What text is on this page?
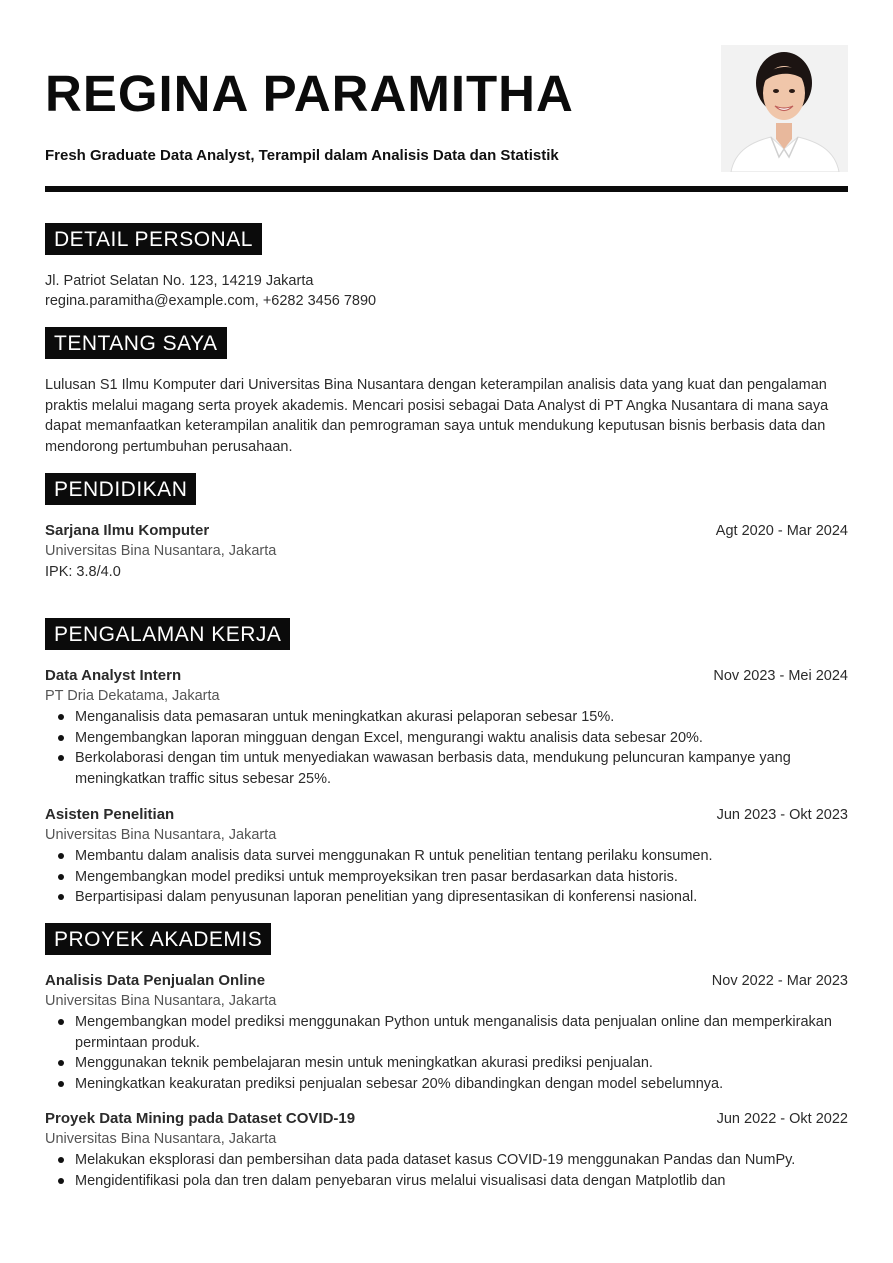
REGINA PARAMITHA

Fresh Graduate Data Analyst, Terampil dalam Analisis Data dan Statistik

DETAIL PERSONAL
Jl. Patriot Selatan No. 123, 14219 Jakarta
regina.paramitha@example.com, +6282 3456 7890
TENTANG SAYA

Lulusan S1 Ilmu Komputer dari Universitas Bina Nusantara dengan keterampilan analisis data yang kuat dan pengalaman praktis melalui magang serta proyek akademis. Mencari posisi sebagai Data Analyst di PT Angka Nusantara di mana saya dapat memanfaatkan keterampilan analitik dan pemrograman saya untuk mendukung keputusan bisnis berbasis data dan mendorong pertumbuhan perusahaan.

PENDIDIKAN
Sarjana Ilmu Komputer	Agt 2020 - Mar 2024
Universitas Bina Nusantara, Jakarta
IPK: 3.8/4.0
PENGALAMAN KERJA
Data Analyst Intern	Nov 2023 - Mei 2024
PT Dria Dekatama, Jakarta
Menganalisis data pemasaran untuk meningkatkan akurasi pelaporan sebesar 15%.
Mengembangkan laporan mingguan dengan Excel, mengurangi waktu analisis data sebesar 20%.
Berkolaborasi dengan tim untuk menyediakan wawasan berbasis data, mendukung peluncuran kampanye yang meningkatkan traffic situs sebesar 25%.
Asisten Penelitian	Jun 2023 - Okt 2023
Universitas Bina Nusantara, Jakarta
Membantu dalam analisis data survei menggunakan R untuk penelitian tentang perilaku konsumen.
Mengembangkan model prediksi untuk memproyeksikan tren pasar berdasarkan data historis.
Berpartisipasi dalam penyusunan laporan penelitian yang dipresentasikan di konferensi nasional.
PROYEK AKADEMIS
Analisis Data Penjualan Online	Nov 2022 - Mar 2023
Universitas Bina Nusantara, Jakarta
Mengembangkan model prediksi menggunakan Python untuk menganalisis data penjualan online dan memperkirakan permintaan produk.
Menggunakan teknik pembelajaran mesin untuk meningkatkan akurasi prediksi penjualan.
Meningkatkan keakuratan prediksi penjualan sebesar 20% dibandingkan dengan model sebelumnya.
Proyek Data Mining pada Dataset COVID-19	Jun 2022 - Okt 2022
Universitas Bina Nusantara, Jakarta
Melakukan eksplorasi dan pembersihan data pada dataset kasus COVID-19 menggunakan Pandas dan NumPy.
Mengidentifikasi pola dan tren dalam penyebaran virus melalui visualisasi data dengan Matplotlib dan
